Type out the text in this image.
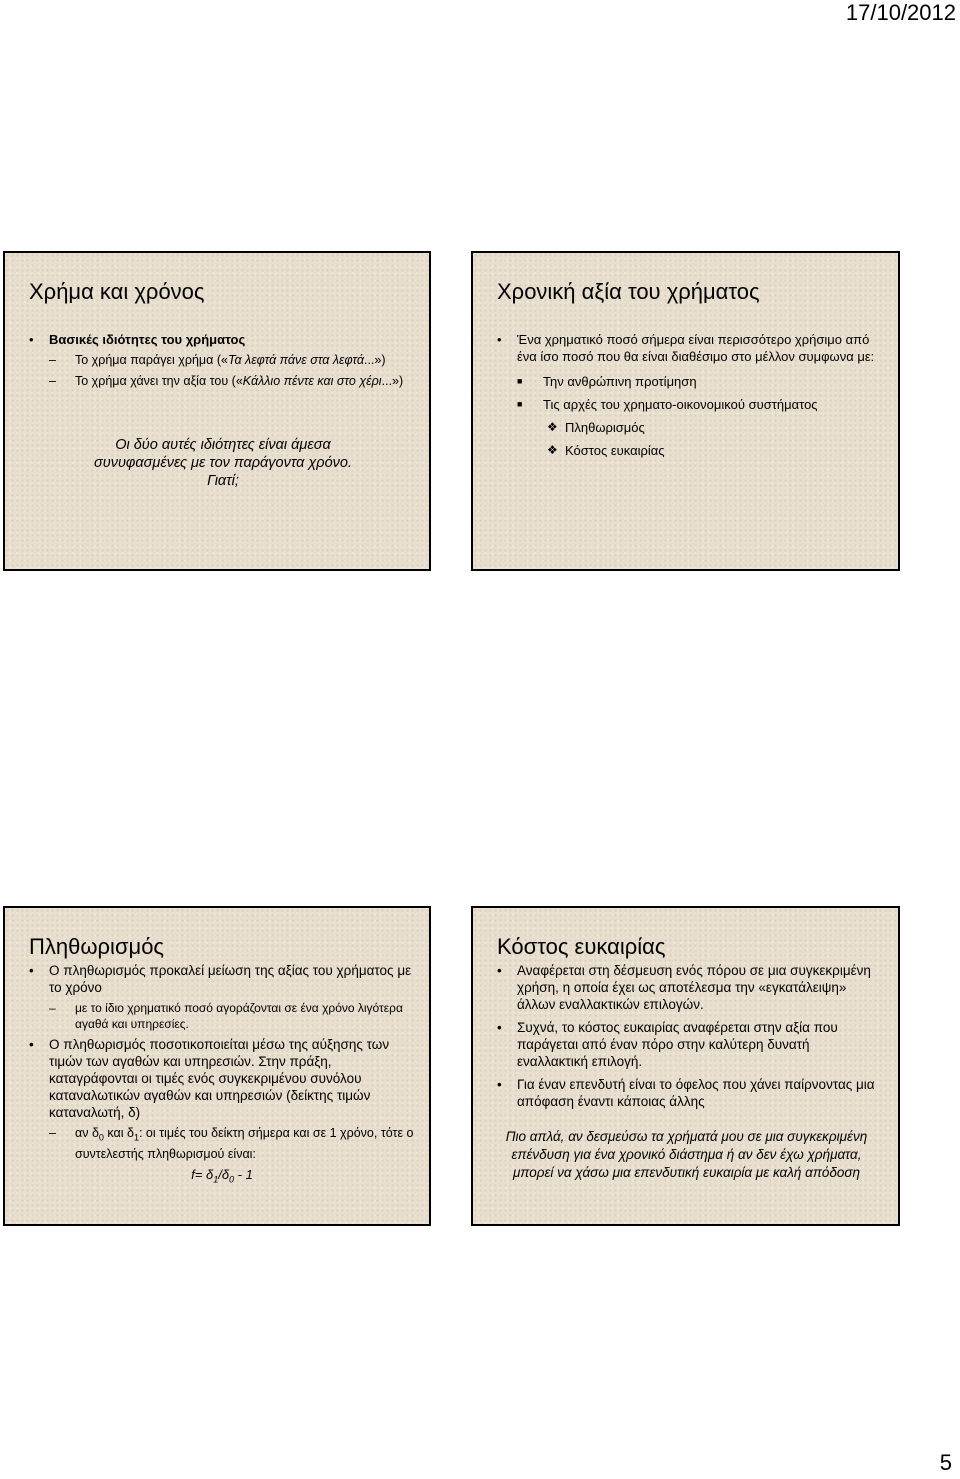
17/10/2012
Χρήμα και χρόνος
• Βασικές ιδιότητες του χρήματος
– Το χρήμα παράγει χρήμα («Τα λεφτά πάνε στα λεφτά...»)
– Το χρήμα χάνει την αξία του («Κάλλιο πέντε και στο χέρι...»)
Οι δύο αυτές ιδιότητες είναι άμεσα
συνυφασμένες με τον παράγοντα χρόνο.
Γιατί;
Χρονική αξία του χρήματος
• Ένα χρηματικό ποσό σήμερα είναι περισσότερο χρήσιμο από ένα ίσο ποσό που θα είναι διαθέσιμο στο μέλλον συμφωνα με:
■ Την ανθρώπινη προτίμηση
■ Τις αρχές του χρηματο-οικονομικού συστήματος
❖ Πληθωρισμός
❖ Κόστος ευκαιρίας
Πληθωρισμός
• Ο πληθωρισμός προκαλεί μείωση της αξίας του χρήματος με το χρόνο
– με το ίδιο χρηματικό ποσό αγοράζονται σε ένα χρόνο λιγότερα αγαθά και υπηρεσίες.
• Ο πληθωρισμός ποσοτικοποιείται μέσω της αύξησης των τιμών των αγαθών και υπηρεσιών. Στην πράξη, καταγράφονται οι τιμές ενός συγκεκριμένου συνόλου καταναλωτικών αγαθών και υπηρεσιών (δείκτης τιμών καταναλωτή, δ)
– αν $\delta_0$ και $\delta_1$: οι τιμές του δείκτη σήμερα και σε 1 χρόνο, τότε ο συντελεστής πληθωρισμού είναι:
$f= \delta_1/\delta_0 - 1$
Κόστος ευκαιρίας
• Αναφέρεται στη δέσμευση ενός πόρου σε μια συγκεκριμένη χρήση, η οποία έχει ως αποτέλεσμα την «εγκατάλειψη» άλλων εναλλακτικών επιλογών.
• Συχνά, το κόστος ευκαιρίας αναφέρεται στην αξία που παράγεται από έναν πόρο στην καλύτερη δυνατή εναλλακτική επιλογή.
• Για έναν επενδυτή είναι το όφελος που χάνει παίρνοντας μια απόφαση έναντι κάποιας άλλης
Πιο απλά, αν δεσμεύσω τα χρήματά μου σε μια συγκεκριμένη επένδυση για ένα χρονικό διάστημα ή αν δεν έχω χρήματα, μπορεί να χάσω μια επενδυτική ευκαιρία με καλή απόδοση
5
